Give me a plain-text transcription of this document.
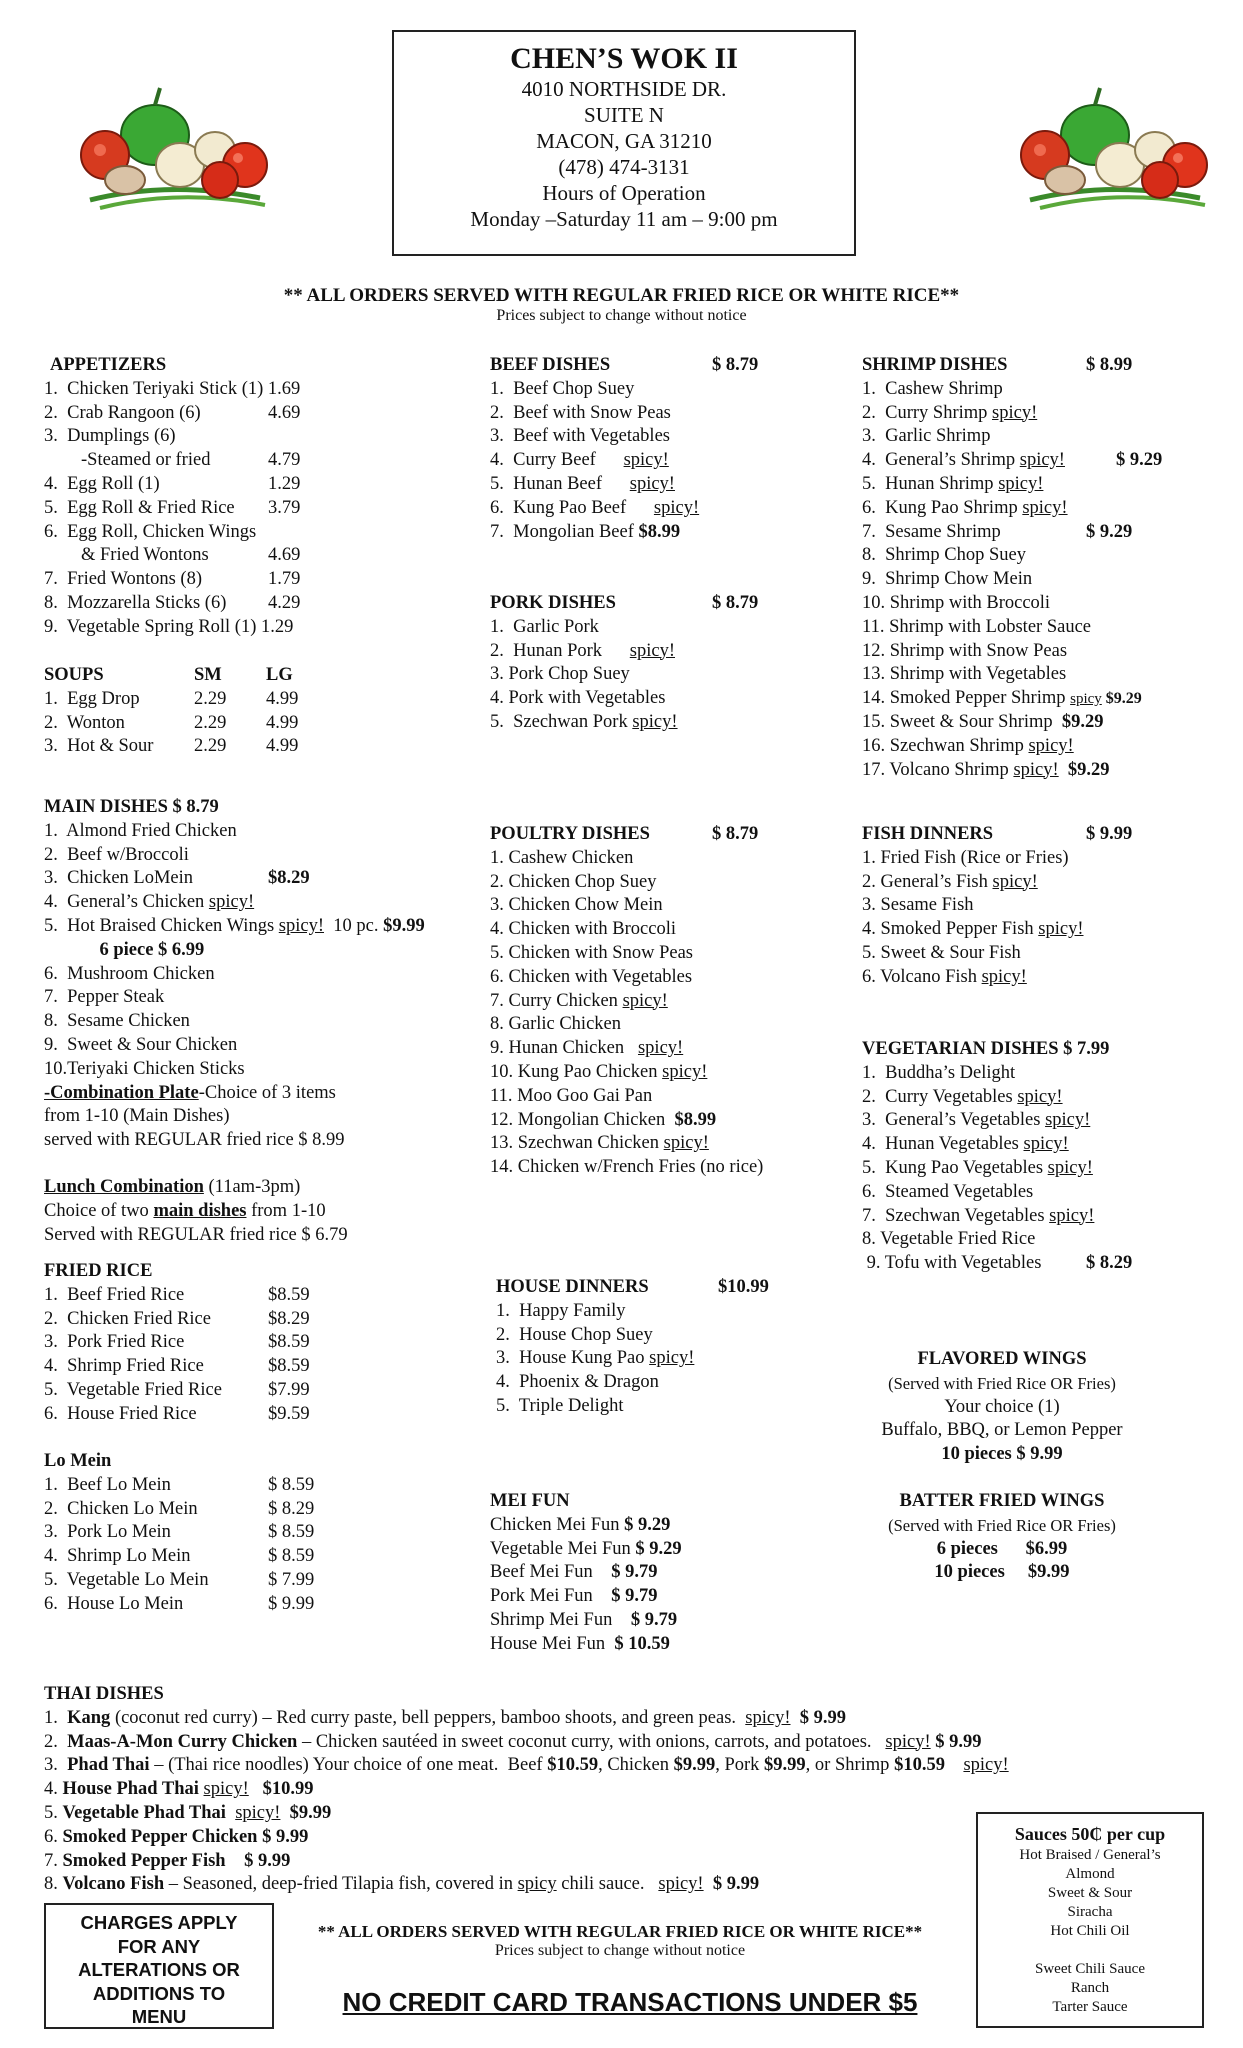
CHEN’S WOK II
4010 NORTHSIDE DR.
SUITE N
MACON, GA 31210
(478) 474-3131
Hours of Operation
Monday –Saturday 11 am – 9:00 pm
** ALL ORDERS SERVED WITH REGULAR FRIED RICE OR WHITE RICE**
Prices subject to change without notice
APPETIZERS
1.  Chicken Teriyaki Stick (1) 1.69
2.  Crab Rangoon (6)	4.69
3.  Dumplings (6)
-Steamed or fried	4.79
4.  Egg Roll (1)	1.29
5.  Egg Roll & Fried Rice 3.79
6.  Egg Roll, Chicken Wings
& Fried Wontons	4.69
7.  Fried Wontons (8)	1.79
8.  Mozzarella Sticks (6) 4.29
9.  Vegetable Spring Roll (1) 1.29
SOUPS	SM LG
1.  Egg Drop	2.29 4.99
2.  Wonton	2.29 4.99
3.  Hot & Sour 2.29 4.99
MAIN DISHES $ 8.79
1.  Almond Fried Chicken
2.  Beef w/Broccoli
3.  Chicken LoMein	$8.29
4.  General’s Chicken spicy!
5.  Hot Braised Chicken Wings spicy!  10 pc. $9.99
6 piece $ 6.99
6.  Mushroom Chicken
7.  Pepper Steak
8.  Sesame Chicken
9.  Sweet & Sour Chicken
10.Teriyaki Chicken Sticks
-Combination Plate-Choice of 3 items
from 1-10 (Main Dishes)
served with REGULAR fried rice $ 8.99
Lunch Combination (11am-3pm)
Choice of two main dishes from 1-10
Served with REGULAR fried rice $ 6.79
FRIED RICE
1.  Beef Fried Rice	$8.59
2.  Chicken Fried Rice	$8.29
3.  Pork Fried Rice	$8.59
4.  Shrimp Fried Rice	$8.59
5.  Vegetable Fried Rice $7.99
6.  House Fried Rice	$9.59
Lo Mein
1.  Beef Lo Mein	$ 8.59
2.  Chicken Lo Mein	$ 8.29
3.  Pork Lo Mein	$ 8.59
4.  Shrimp Lo Mein	$ 8.59
5.  Vegetable Lo Mein	$ 7.99
6.  House Lo Mein	$ 9.99
BEEF DISHES	$ 8.79
1.  Beef Chop Suey
2.  Beef with Snow Peas
3.  Beef with Vegetables
4.  Curry Beef      spicy!
5.  Hunan Beef      spicy!
6.  Kung Pao Beef      spicy!
7.  Mongolian Beef $8.99
PORK DISHES	$ 8.79
1.  Garlic Pork
2.  Hunan Pork      spicy!
3. Pork Chop Suey
4. Pork with Vegetables
5.  Szechwan Pork spicy!
POULTRY DISHES	$ 8.79
1. Cashew Chicken
2. Chicken Chop Suey
3. Chicken Chow Mein
4. Chicken with Broccoli
5. Chicken with Snow Peas
6. Chicken with Vegetables
7. Curry Chicken spicy!
8. Garlic Chicken
9. Hunan Chicken   spicy!
10. Kung Pao Chicken spicy!
11. Moo Goo Gai Pan
12. Mongolian Chicken  $8.99
13. Szechwan Chicken spicy!
14. Chicken w/French Fries (no rice)
HOUSE DINNERS	$10.99
1.  Happy Family
2.  House Chop Suey
3.  House Kung Pao spicy!
4.  Phoenix & Dragon
5.  Triple Delight
MEI FUN
Chicken Mei Fun $ 9.29
Vegetable Mei Fun $ 9.29
Beef Mei Fun    $ 9.79
Pork Mei Fun    $ 9.79
Shrimp Mei Fun    $ 9.79
House Mei Fun  $ 10.59
SHRIMP DISHES	$ 8.99
1.  Cashew Shrimp
2.  Curry Shrimp spicy!
3.  Garlic Shrimp
4.  General’s Shrimp spicy!	$ 9.29
5.  Hunan Shrimp spicy!
6.  Kung Pao Shrimp spicy!
7.  Sesame Shrimp	$ 9.29
8.  Shrimp Chop Suey
9.  Shrimp Chow Mein
10. Shrimp with Broccoli
11. Shrimp with Lobster Sauce
12. Shrimp with Snow Peas
13. Shrimp with Vegetables
14. Smoked Pepper Shrimp spicy $9.29
15. Sweet & Sour Shrimp  $9.29
16. Szechwan Shrimp spicy!
17. Volcano Shrimp spicy! $9.29
FISH DINNERS	$ 9.99
1. Fried Fish (Rice or Fries)
2. General’s Fish spicy!
3. Sesame Fish
4. Smoked Pepper Fish spicy!
5. Sweet & Sour Fish
6. Volcano Fish spicy!
VEGETARIAN DISHES $ 7.99
1.  Buddha’s Delight
2.  Curry Vegetables spicy!
3.  General’s Vegetables spicy!
4.  Hunan Vegetables spicy!
5.  Kung Pao Vegetables spicy!
6.  Steamed Vegetables
7.  Szechwan Vegetables spicy!
8. Vegetable Fried Rice
9. Tofu with Vegetables $ 8.29
FLAVORED WINGS
(Served with Fried Rice OR Fries)
Your choice (1)
Buffalo, BBQ, or Lemon Pepper
10 pieces $ 9.99
BATTER FRIED WINGS
(Served with Fried Rice OR Fries)
6 pieces      $6.99
10 pieces     $9.99
THAI DISHES
1.  Kang (coconut red curry) – Red curry paste, bell peppers, bamboo shoots, and green peas.  spicy! $ 9.99
2.  Maas-A-Mon Curry Chicken – Chicken sautéed in sweet coconut curry, with onions, carrots, and potatoes.   spicy! $ 9.99
3.  Phad Thai – (Thai rice noodles) Your choice of one meat.  Beef $10.59, Chicken $9.99, Pork $9.99, or Shrimp $10.59 spicy!
4. House Phad Thai spicy! $10.99
5. Vegetable Phad Thai spicy! $9.99
6. Smoked Pepper Chicken $ 9.99
7. Smoked Pepper Fish $ 9.99
8. Volcano Fish – Seasoned, deep-fried Tilapia fish, covered in spicy chili sauce.   spicy! $ 9.99
CHARGES APPLY
FOR ANY
ALTERATIONS OR
ADDITIONS TO
MENU
** ALL ORDERS SERVED WITH REGULAR FRIED RICE OR WHITE RICE**
Prices subject to change without notice
NO CREDIT CARD TRANSACTIONS UNDER $5
Sauces 50₵ per cup
Hot Braised / General’s
Almond
Sweet & Sour
Siracha
Hot Chili Oil
Sweet Chili Sauce
Ranch
Tarter Sauce
